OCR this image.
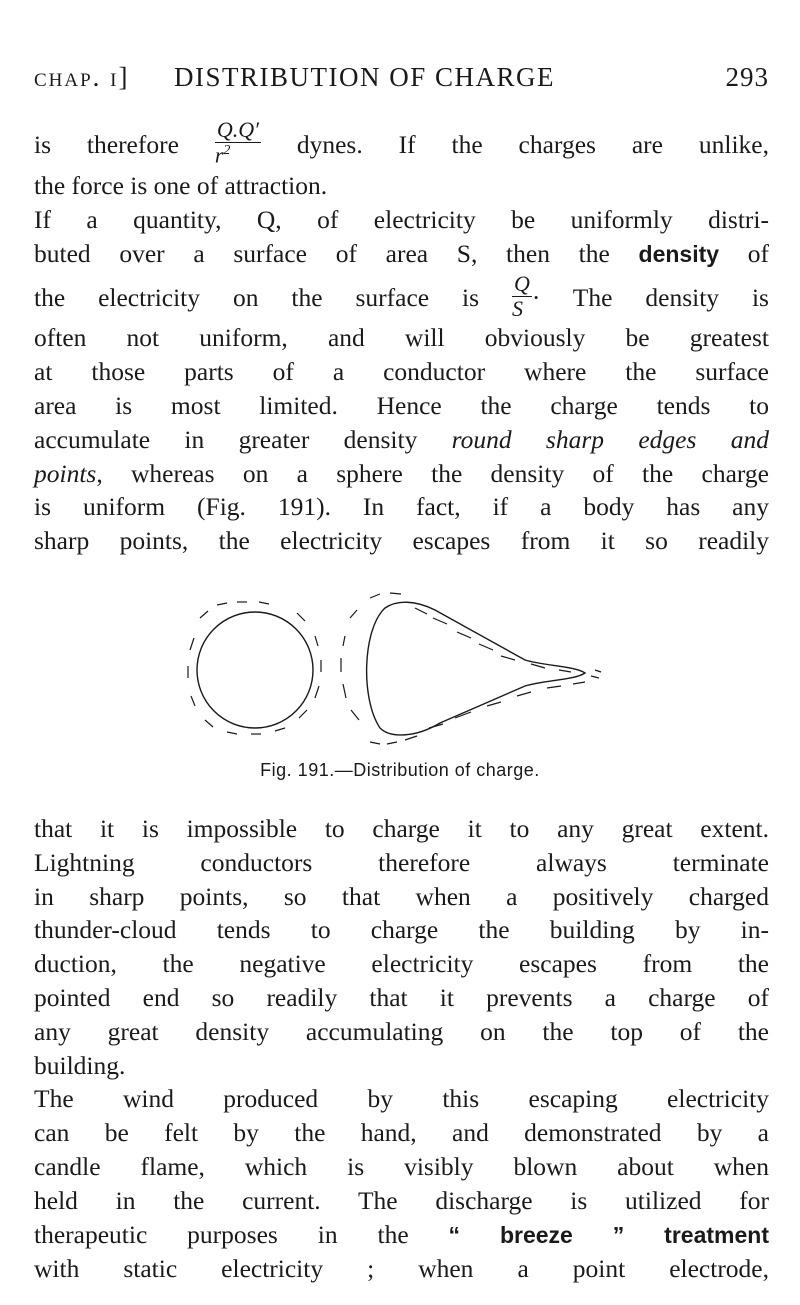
chap. i] DISTRIBUTION OF CHARGE	293
is therefore $\frac{Q.Q'}{r^2}$ dynes. If the charges are unlike,
the force is one of attraction.
If a quantity, Q, of electricity be uniformly distri-
buted over a surface of area S, then the density of
the electricity on the surface is $\frac{Q}{S}$ · The density is
often not uniform, and will obviously be greatest
at those parts of a conductor where the surface
area is most limited. Hence the charge tends to
accumulate in greater density round sharp edges and
points, whereas on a sphere the density of the charge
is uniform (Fig. 191). In fact, if a body has any
sharp points, the electricity escapes from it so readily
Fig. 191.—Distribution of charge.
that it is impossible to charge it to any great extent.
Lightning conductors therefore always terminate
in sharp points, so that when a positively charged
thunder-cloud tends to charge the building by in-
duction, the negative electricity escapes from the
pointed end so readily that it prevents a charge of
any great density accumulating on the top of the
building.
The wind produced by this escaping electricity
can be felt by the hand, and demonstrated by a
candle flame, which is visibly blown about when
held in the current. The discharge is utilized for
therapeutic purposes in the “ breeze ” treatment
with static electricity ; when a point electrode,
